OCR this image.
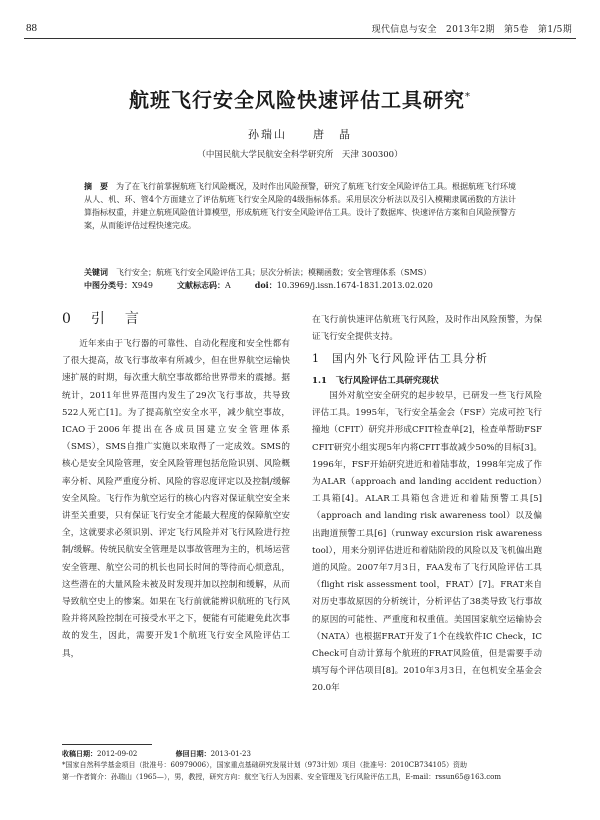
88	现代信息与安全　2013年2期　第5卷　第1/5期
航班飞行安全风险快速评估工具研究*
孙瑞山　　唐　晶
（中国民航大学民航安全科学研究所　天津 300300）
摘　要　 为了在飞行前掌握航班飞行风险概况，及时作出风险预警，研究了航班飞行安全风险评估工具。根据航班飞行环境从人、机、环、管4个方面建立了评估航班飞行安全风险的4级指标体系。采用层次分析法以及引入模糊隶属函数的方法计算指标权重，并建立航班风险值计算模型，形成航班飞行安全风险评估工具。设计了数据库、快速评估方案和自风险预警方案，从而能评估过程快速完成。
关键词　 飞行安全；航班飞行安全风险评估工具；层次分析法；模糊函数；安全管理体系（SMS）
中图分类号：X949	文献标志码：A	doi：10.3969/j.issn.1674-1831.2013.02.020
0　引　言

近年来由于飞行器的可靠性、自动化程度和安全性都有了很大提高，故飞行事故率有所减少，但在世界航空运输快速扩展的时期，每次重大航空事故都给世界带来的震撼。据统计，2011年世界范围内发生了29次飞行事故，共导致522人死亡[1]。为了提高航空安全水平，减少航空事故，ICAO于2006年提出在各成员国建立安全管理体系（SMS），SMS自推广实施以来取得了一定成效。SMS的核心是安全风险管理，安全风险管理包括危险识别、风险概率分析、风险严重度分析、风险的容忍度评定以及控制/缓解安全风险。飞行作为航空运行的核心内容对保证航空安全来讲至关重要，只有保证飞行安全才能最大程度的保障航空安全，这就要求必须识别、评定飞行风险并对飞行风险进行控制/缓解。传统民航安全管理是以事故管理为主的，机场运营安全管理、航空公司的机长也同长时间的等待而心烦意乱，这些潜在的大量风险未被及时发现并加以控制和缓解，从而导致航空史上的惨案。如果在飞行前就能辨识航班的飞行风险并将风险控制在可接受水平之下，便能有可能避免此次事故的发生，因此，需要开发1个航班飞行安全风险评估工具，

在飞行前快速评估航班飞行风险，及时作出风险预警，为保证飞行安全提供支持。

1　国内外飞行风险评估工具分析
1.1　飞行风险评估工具研究现状

国外对航空安全研究的起步较早，已研发一些飞行风险评估工具。1995年，飞行安全基金会（FSF）完成可控飞行撞地（CFIT）研究并形成CFIT检查单[2]，检查单帮助FSF CFIT研究小组实现5年内将CFIT事故减少50%的目标[3]。1996年，FSF开始研究进近和着陆事故，1998年完成了作为ALAR（approach and landing accident reduction）工具箱[4]。ALAR工具箱包含进近和着陆预警工具[5]（approach and landing risk awareness tool）以及偏出跑道预警工具[6]（runway excursion risk awareness tool），用来分别评估进近和着陆阶段的风险以及飞机偏出跑道的风险。2007年7月3日，FAA发布了飞行风险评估工具（flight risk assessment tool，FRAT）[7]。FRAT来自对历史事故原因的分析统计，分析评估了38类导致飞行事故的原因的可能性、严重度和权重值。美国国家航空运输协会（NATA）也根据FRAT开发了1个在线软件IC Check，IC Check可自动计算每个航班的FRAT风险值，但是需要手动填写每个评估项目[8]。2010年3月3日，在包机安全基金会20.0年

收稿日期：2012-09-02	修回日期：2013-01-23
*国家自然科学基金项目（批准号：60979006），国家重点基础研究发展计划（973计划）项目（批准号：2010CB734105）资助
第一作者简介：孙瑞山（1965—），男，教授，研究方向：航空飞行人为因素、安全管理及飞行风险评估工具，E-mail：rssun65@163.com
